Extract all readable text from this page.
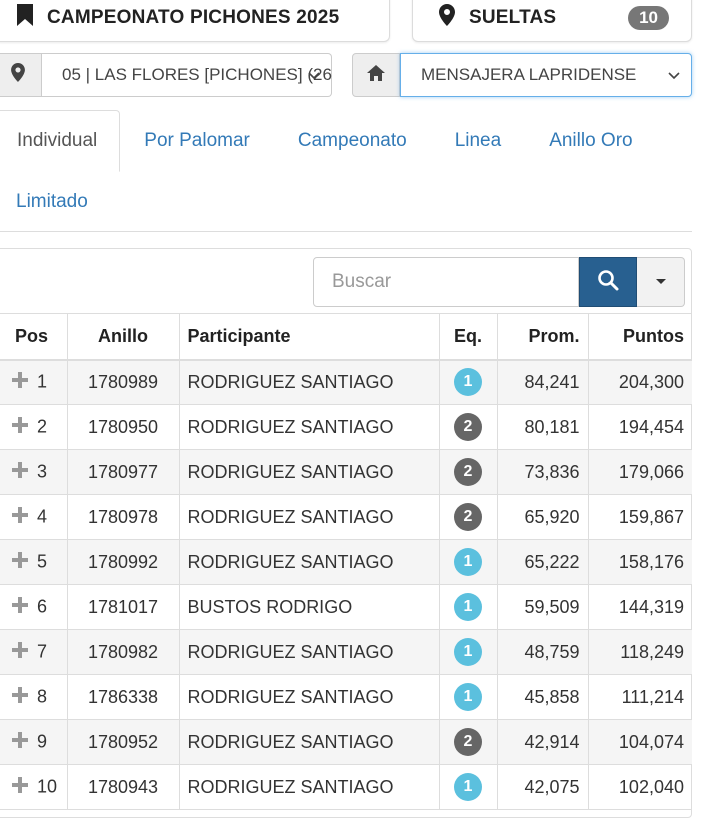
CAMPEONATO PICHONES 2025	SUELTAS	10
05 | LAS FLORES [PICHONES] (26	MENSAJERA LAPRIDENSE
Individual	Por Palomar	Campeonato	Linea	Anillo Oro
Limitado
Buscar
Pos	Anillo	Participante	Eq.	Prom.	Puntos
1	1780989	RODRIGUEZ SANTIAGO	1	84,241	204,300
2	1780950	RODRIGUEZ SANTIAGO	2	80,181	194,454
3	1780977	RODRIGUEZ SANTIAGO	2	73,836	179,066
4	1780978	RODRIGUEZ SANTIAGO	2	65,920	159,867
5	1780992	RODRIGUEZ SANTIAGO	1	65,222	158,176
6	1781017	BUSTOS RODRIGO	1	59,509	144,319
7	1780982	RODRIGUEZ SANTIAGO	1	48,759	118,249
8	1786338	RODRIGUEZ SANTIAGO	1	45,858	111,214
9	1780952	RODRIGUEZ SANTIAGO	2	42,914	104,074
10	1780943	RODRIGUEZ SANTIAGO	1	42,075	102,040
